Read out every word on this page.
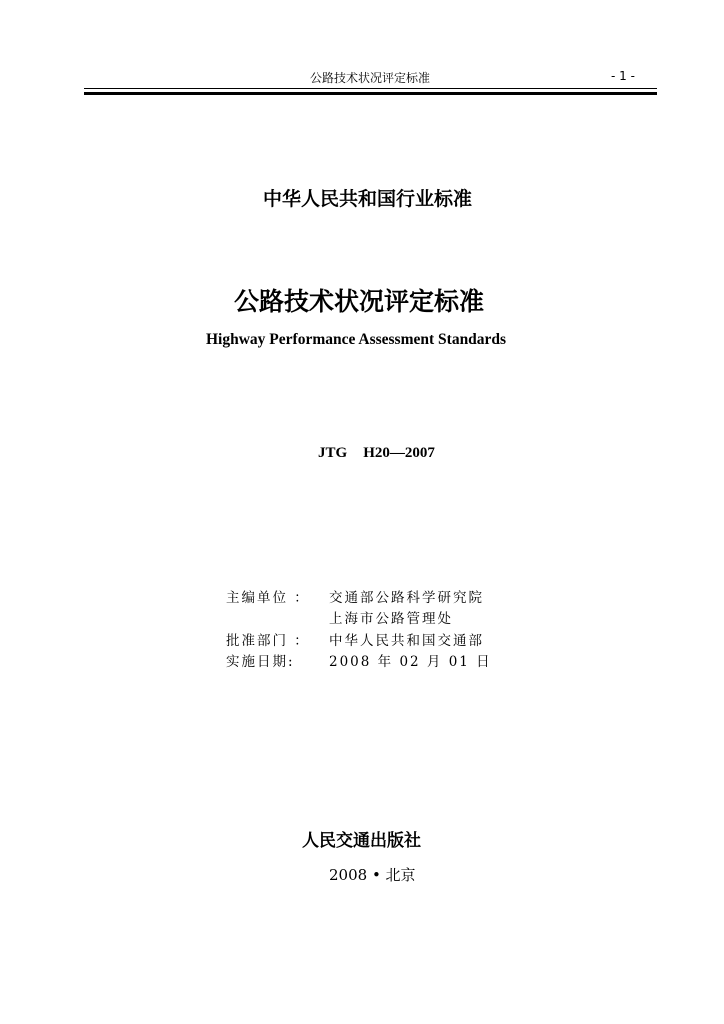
公路技术状况评定标准	- 1 -
中华人民共和国行业标准
公路技术状况评定标准
Highway Performance Assessment Standards
JTG H20—2007
主编单位 ： 交通部公路科学研究院
上海市公路管理处
批准部门 ： 中华人民共和国交通部
实施日期:	2008 年 02 月 01 日
人民交通出版社
2008 • 北京
